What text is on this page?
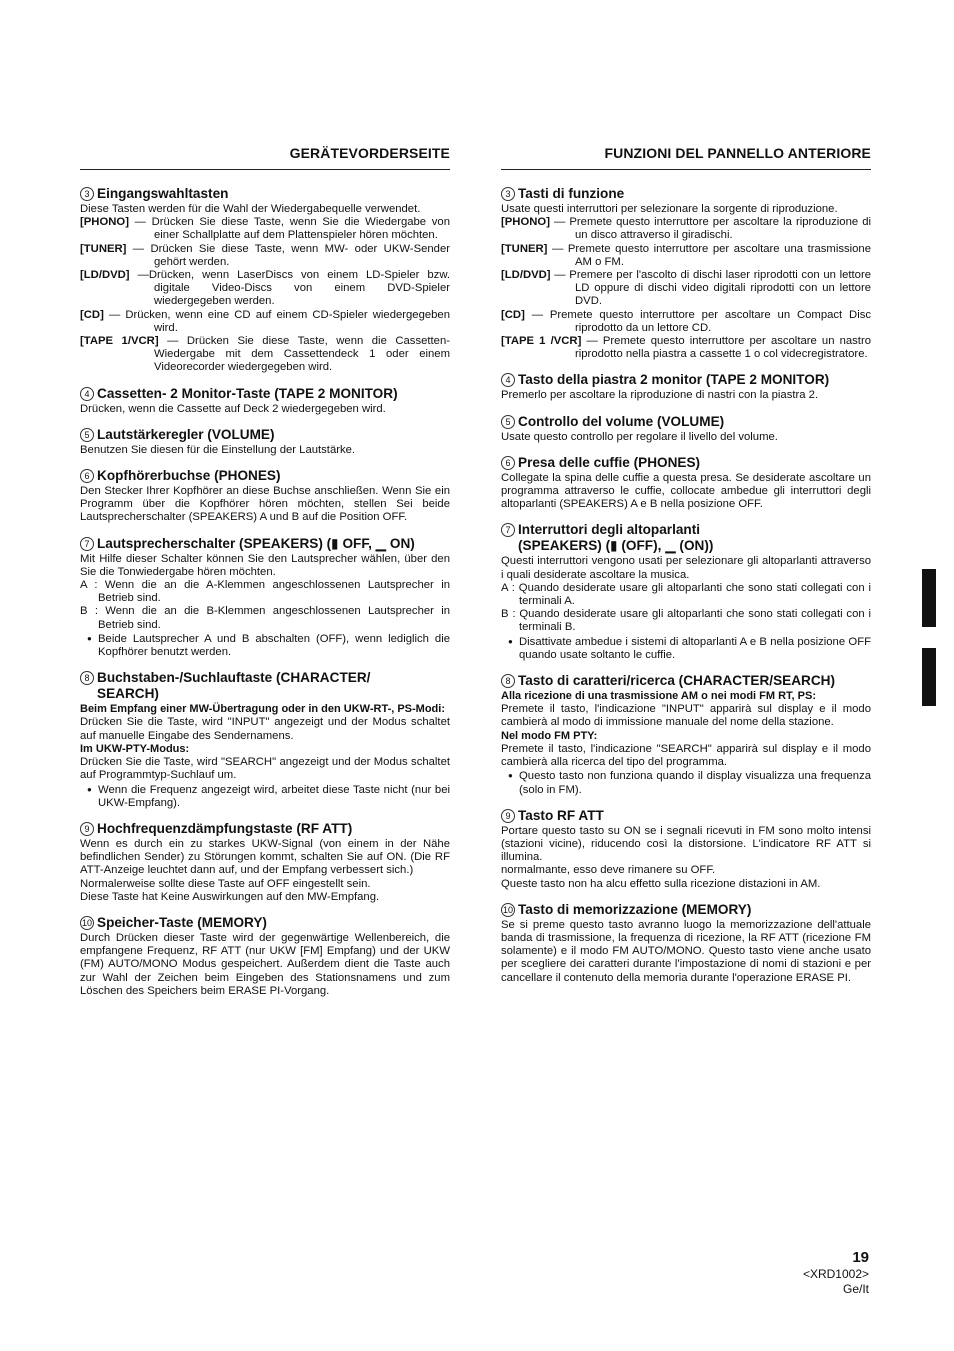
GERÄTEVORDERSEITE
3 Eingangswahltasten

Diese Tasten werden für die Wahl der Wiedergabequelle verwendet.

[PHONO] — Drücken Sie diese Taste, wenn Sie die Wiedergabe von einer Schallplatte auf dem Plattenspieler hören möchten.

[TUNER] — Drücken Sie diese Taste, wenn MW- oder UKW-Sender gehört werden.

[LD/DVD] —Drücken, wenn LaserDiscs von einem LD-Spieler bzw. digitale Video-Discs von einem DVD-Spieler wiedergegeben werden.

[CD] — Drücken, wenn eine CD auf einem CD-Spieler wiedergegeben wird.

[TAPE 1/VCR] — Drücken Sie diese Taste, wenn die Cassetten-Wiedergabe mit dem Cassettendeck 1 oder einem Videorecorder wiedergegeben wird.

4 Cassetten- 2 Monitor-Taste (TAPE 2 MONITOR)

Drücken, wenn die Cassette auf Deck 2 wiedergegeben wird.

5 Lautstärkeregler (VOLUME)

Benutzen Sie diesen für die Einstellung der Lautstärke.

6 Kopfhörerbuchse (PHONES)

Den Stecker Ihrer Kopfhörer an diese Buchse anschließen. Wenn Sie ein Programm über die Kopfhörer hören möchten, stellen Sei beide Lautsprecherschalter (SPEAKERS) A und B auf die Position OFF.

7 Lautsprecherschalter (SPEAKERS) (▮ OFF, ▁ ON)

Mit Hilfe dieser Schalter können Sie den Lautsprecher wählen, über den Sie die Tonwiedergabe hören möchten.

A : Wenn die an die A-Klemmen angeschlossenen Lautsprecher in Betrieb sind.

B : Wenn die an die B-Klemmen angeschlossenen Lautsprecher in Betrieb sind.

● Beide Lautsprecher A und B abschalten (OFF), wenn lediglich die Kopfhörer benutzt werden.

8 Buchstaben-/Suchlauftaste (CHARACTER/
SEARCH)

Beim Empfang einer MW-Übertragung oder in den UKW-RT-, PS-Modi:

Drücken Sie die Taste, wird "INPUT" angezeigt und der Modus schaltet auf manuelle Eingabe des Sendernamens.

Im UKW-PTY-Modus:

Drücken Sie die Taste, wird "SEARCH" angezeigt und der Modus schaltet auf Programmtyp-Suchlauf um.

● Wenn die Frequenz angezeigt wird, arbeitet diese Taste nicht (nur bei UKW-Empfang).

9 Hochfrequenzdämpfungstaste (RF ATT)

Wenn es durch ein zu starkes UKW-Signal (von einem in der Nähe befindlichen Sender) zu Störungen kommt, schalten Sie auf ON. (Die RF ATT-Anzeige leuchtet dann auf, und der Empfang verbessert sich.)

Normalerweise sollte diese Taste auf OFF eingestellt sein.

Diese Taste hat Keine Auswirkungen auf den MW-Empfang.

10 Speicher-Taste (MEMORY)

Durch Drücken dieser Taste wird der gegenwärtige Wellenbereich, die empfangene Frequenz, RF ATT (nur UKW [FM] Empfang) und der UKW (FM) AUTO/MONO Modus gespeichert. Außerdem dient die Taste auch zur Wahl der Zeichen beim Eingeben des Stationsnamens und zum Löschen des Speichers beim ERASE PI-Vorgang.

FUNZIONI DEL PANNELLO ANTERIORE
3 Tasti di funzione

Usate questi interruttori per selezionare la sorgente di riproduzione.

[PHONO] — Premete questo interruttore per ascoltare la riproduzione di un disco attraverso il giradischi.

[TUNER] — Premete questo interruttore per ascoltare una trasmissione AM o FM.

[LD/DVD] — Premere per l'ascolto di dischi laser riprodotti con un lettore LD oppure di dischi video digitali riprodotti con un lettore DVD.

[CD] — Premete questo interruttore per ascoltare un Compact Disc riprodotto da un lettore CD.

[TAPE 1 /VCR] — Premete questo interruttore per ascoltare un nastro riprodotto nella piastra a cassette 1 o col videcregistratore.

4 Tasto della piastra 2 monitor (TAPE 2 MONITOR)

Premerlo per ascoltare la riproduzione di nastri con la piastra 2.

5 Controllo del volume (VOLUME)

Usate questo controllo per regolare il livello del volume.

6 Presa delle cuffie (PHONES)

Collegate la spina delle cuffie a questa presa. Se desiderate ascoltare un programma attraverso le cuffie, collocate ambedue gli interruttori degli altoparlanti (SPEAKERS) A e B nella posizione OFF.

7 Interruttori degli altoparlanti
(SPEAKERS) (▮ (OFF), ▁ (ON))

Questi interruttori vengono usati per selezionare gli altoparlanti attraverso i quali desiderate ascoltare la musica.

A : Quando desiderate usare gli altoparlanti che sono stati collegati con i terminali A.

B : Quando desiderate usare gli altoparlanti che sono stati collegati con i terminali B.

● Disattivate ambedue i sistemi di altoparlanti A e B nella posizione OFF quando usate soltanto le cuffie.

8 Tasto di caratteri/ricerca (CHARACTER/SEARCH)

Alla ricezione di una trasmissione AM o nei modi FM RT, PS:

Premete il tasto, l'indicazione "INPUT" apparirà sul display e il modo cambierà al modo di immissione manuale del nome della stazione.

Nel modo FM PTY:

Premete il tasto, l'indicazione "SEARCH" apparirà sul display e il modo cambierà alla ricerca del tipo del programma.

● Questo tasto non funziona quando il display visualizza una frequenza (solo in FM).

9 Tasto RF ATT

Portare questo tasto su ON se i segnali ricevuti in FM sono molto intensi (stazioni vicine), riducendo così la distorsione. L'indicatore RF ATT si illumina.

normalmante, esso deve rimanere su OFF.

Queste tasto non ha alcu effetto sulla ricezione distazioni in AM.

10 Tasto di memorizzazione (MEMORY)

Se si preme questo tasto avranno luogo la memorizzazione dell'attuale banda di trasmissione, la frequenza di ricezione, la RF ATT (ricezione FM solamente) e il modo FM AUTO/MONO. Questo tasto viene anche usato per scegliere dei caratteri durante l'impostazione di nomi di stazioni e per cancellare il contenuto della memoria durante l'operazione ERASE PI.

19
<XRD1002>
Ge/It
